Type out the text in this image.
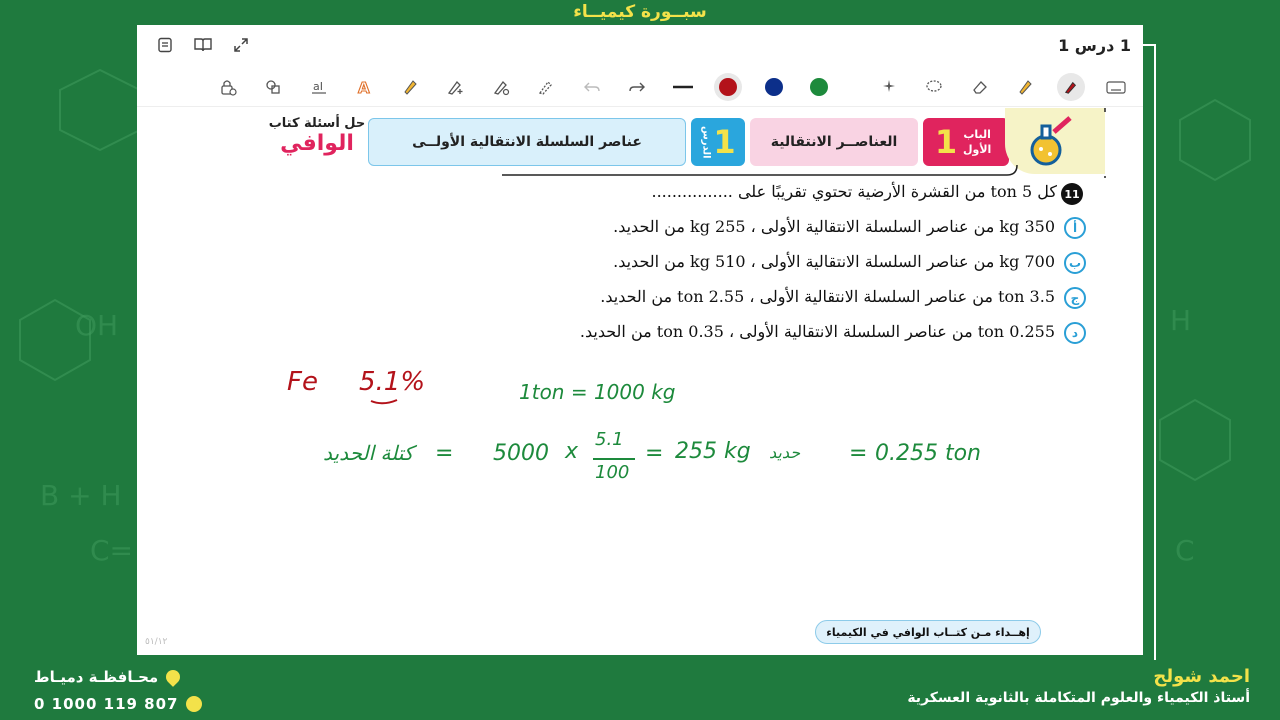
OH
B + H
C=
H
C
سبــورة كيميــاء
1 درس 1
aI A
حل أسئلة كتاب
الوافي	عناصر السلسلة الانتقالية الأولــى 1
الدرس	العناصــر الانتقالية	الباب الأول
1
11
كل 5 ton من القشرة الأرضية تحتوي تقريبًا على ................
أ
350 kg من عناصر السلسلة الانتقالية الأولى ، 255 kg من الحديد.
ب
700 kg من عناصر السلسلة الانتقالية الأولى ، 510 kg من الحديد.
ج
3.5 ton من عناصر السلسلة الانتقالية الأولى ، 2.55 ton من الحديد.
د
0.255 ton من عناصر السلسلة الانتقالية الأولى ، 0.35 ton من الحديد.
Fe 5.1%	1ton = 1000 kg
كتلة الحديد = 5000 x 5.1
100
= 255 kg حديد = 0.255 ton
إهــداء مـن كتــاب الوافي في الكيمياء
٥١/١٢
محـافظـة دميـاط
0 1000 119 807
احمد شولح
أستاذ الكيمياء والعلوم المتكاملة بالثانوية العسكرية
